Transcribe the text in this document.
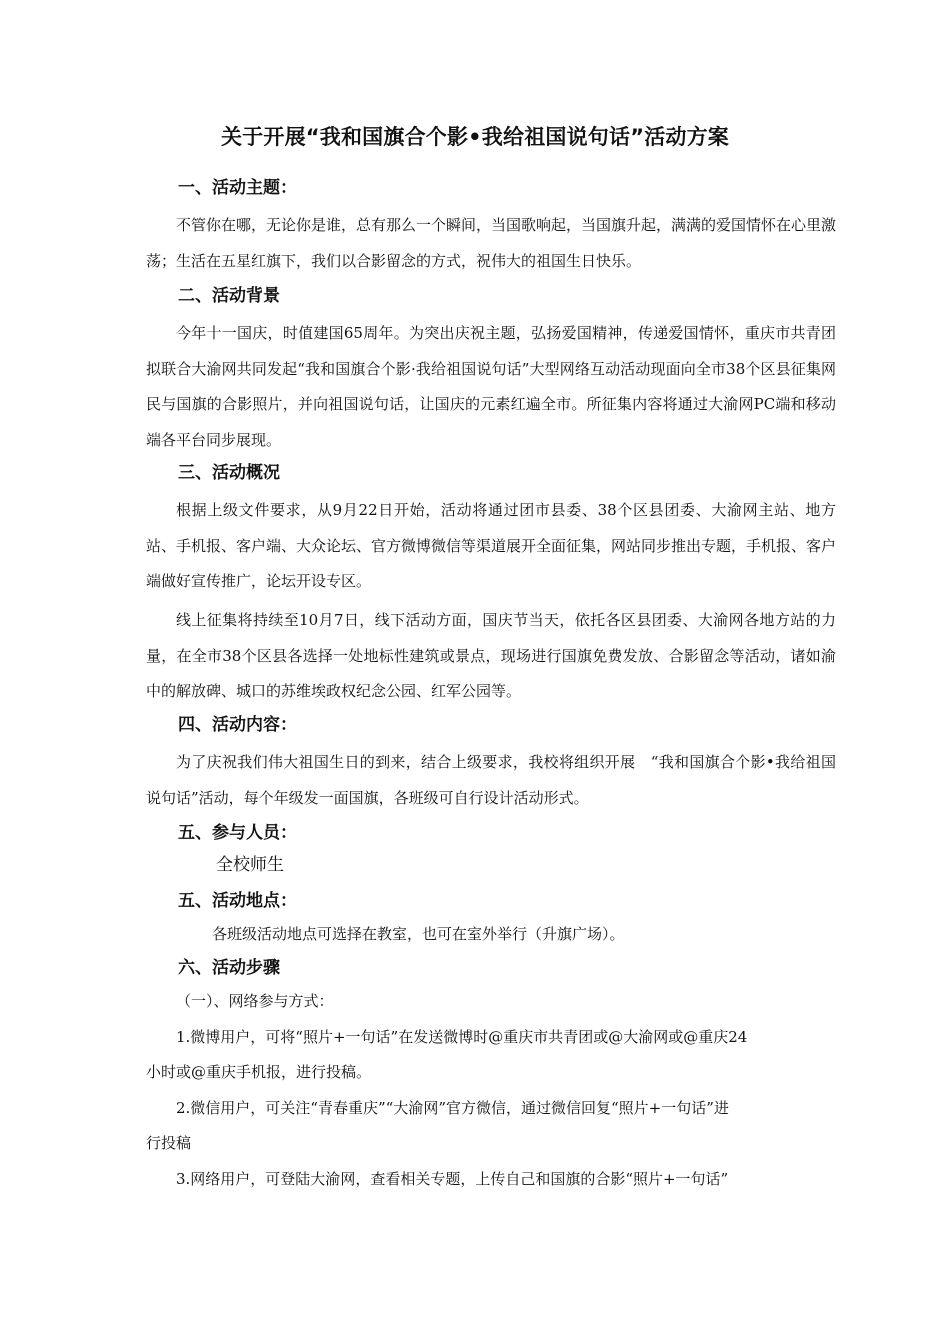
关于开展“我和国旗合个影•我给祖国说句话”活动方案
一、活动主题：

不管你在哪，无论你是谁，总有那么一个瞬间，当国歌响起，当国旗升起，满满的爱国情怀在心里激荡；生活在五星红旗下，我们以合影留念的方式，祝伟大的祖国生日快乐。

二、活动背景

今年十一国庆，时值建国65周年。为突出庆祝主题，弘扬爱国精神，传递爱国情怀，重庆市共青团拟联合大渝网共同发起“我和国旗合个影·我给祖国说句话”大型网络互动活动现面向全市38个区县征集网民与国旗的合影照片，并向祖国说句话，让国庆的元素红遍全市。所征集内容将通过大渝网PC端和移动端各平台同步展现。

三、活动概况

根据上级文件要求，从9月22日开始，活动将通过团市县委、38个区县团委、大渝网主站、地方站、手机报、客户端、大众论坛、官方微博微信等渠道展开全面征集，网站同步推出专题，手机报、客户端做好宣传推广，论坛开设专区。

线上征集将持续至10月7日，线下活动方面，国庆节当天，依托各区县团委、大渝网各地方站的力量，在全市38个区县各选择一处地标性建筑或景点，现场进行国旗免费发放、合影留念等活动，诸如渝中的解放碑、城口的苏维埃政权纪念公园、红军公园等。

四、活动内容：

为了庆祝我们伟大祖国生日的到来，结合上级要求，我校将组织开展　“我和国旗合个影•我给祖国说句话”活动，每个年级发一面国旗，各班级可自行设计活动形式。

五、参与人员：
全校师生
五、活动地点：
各班级活动地点可选择在教室，也可在室外举行（升旗广场）。
六、活动步骤
（一）、网络参与方式：
1.微博用户，可将“照片+一句话”在发送微博时@重庆市共青团或@大渝网或@重庆24
小时或@重庆手机报，进行投稿。
2.微信用户，可关注“青春重庆”“大渝网”官方微信，通过微信回复“照片+一句话”进
行投稿
3.网络用户，可登陆大渝网，查看相关专题，上传自己和国旗的合影“照片+一句话”
